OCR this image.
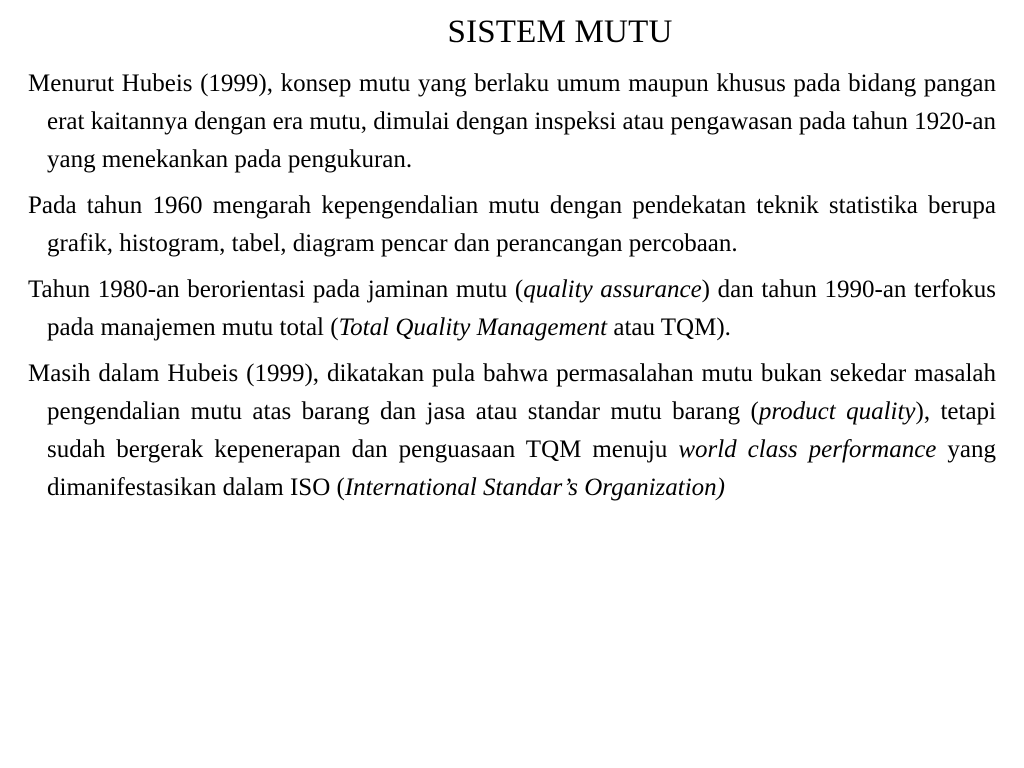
SISTEM MUTU

Menurut Hubeis (1999), konsep mutu yang berlaku umum maupun khusus pada bidang pangan erat kaitannya dengan era mutu, dimulai dengan inspeksi atau pengawasan pada tahun 1920-an yang menekankan pada pengukuran.

Pada tahun 1960 mengarah kepengendalian mutu dengan pendekatan teknik statistika berupa grafik, histogram, tabel, diagram pencar dan perancangan percobaan.

Tahun 1980-an berorientasi pada jaminan mutu (quality assurance) dan tahun 1990-an terfokus pada manajemen mutu total (Total Quality Management atau TQM).

Masih dalam Hubeis (1999), dikatakan pula bahwa permasalahan mutu bukan sekedar masalah pengendalian mutu atas barang dan jasa atau standar mutu barang (product quality), tetapi sudah bergerak kepenerapan dan penguasaan TQM menuju world class performance yang dimanifestasikan dalam ISO (International Standar’s Organization)
